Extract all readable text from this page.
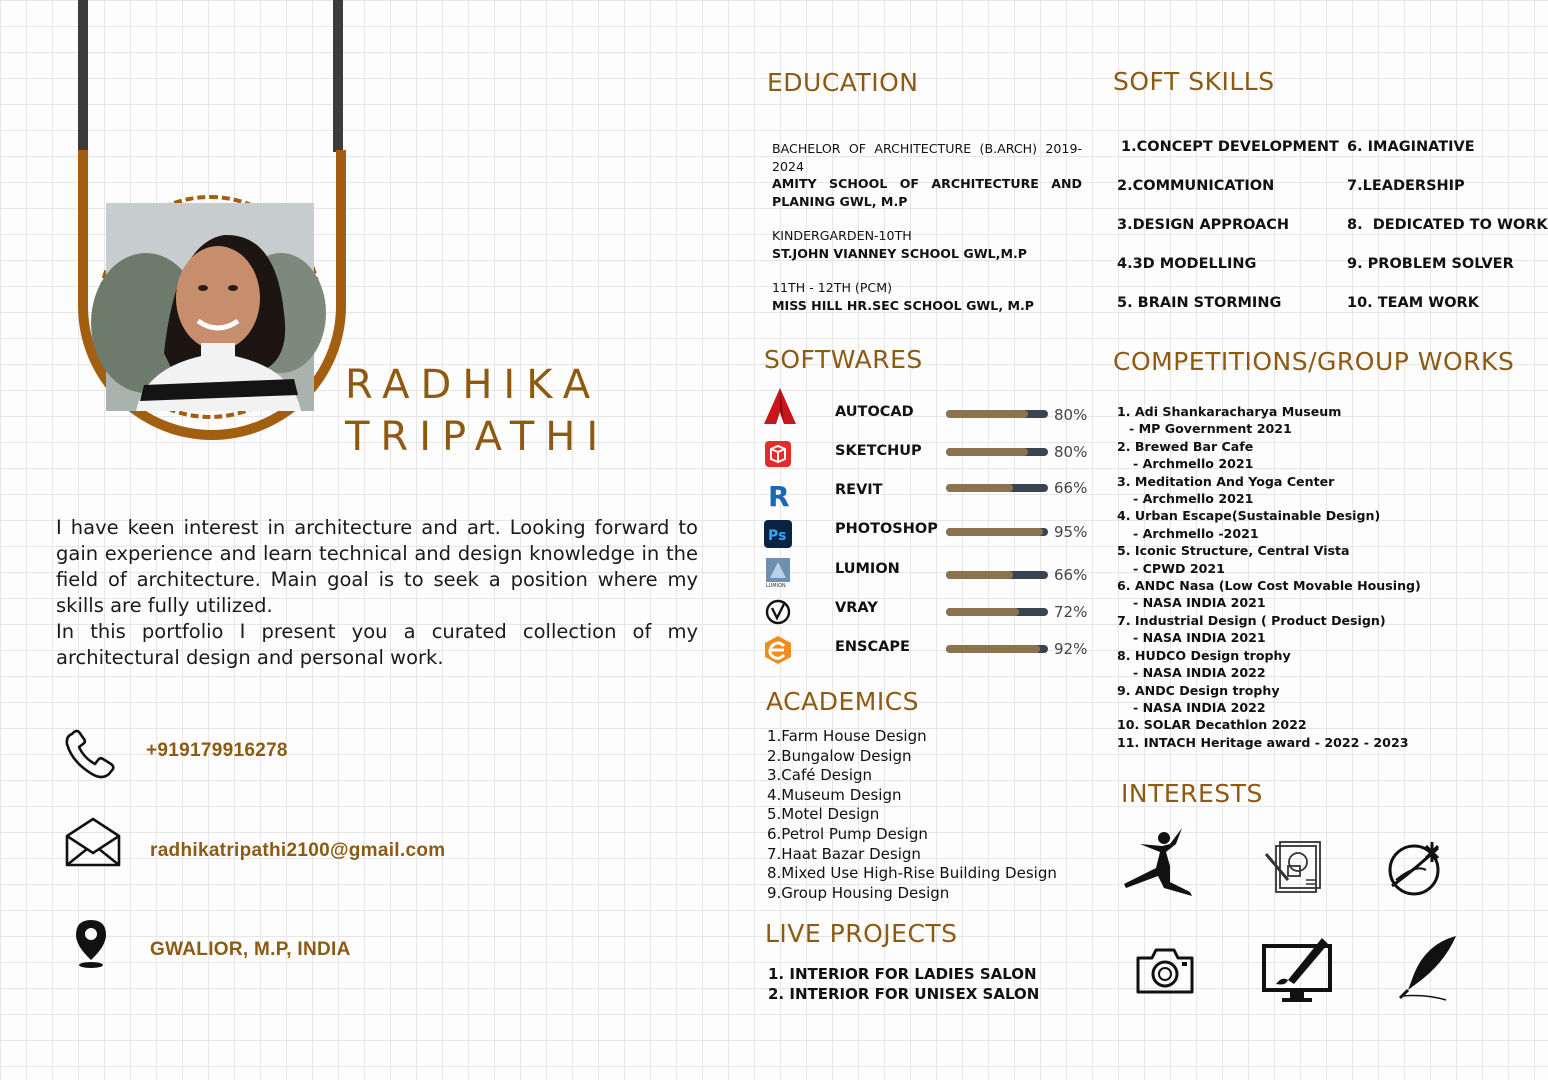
RADHIKA
TRIPATHI

I have keen interest in architecture and art. Looking forward to gain experience and learn technical and design knowledge in the field of architecture. Main goal is to seek a position where my skills are fully utilized.

In this portfolio I present you a curated collection of my architectural design and personal work.

+919179916278
radhikatripathi2100@gmail.com
GWALIOR, M.P, INDIA
EDUCATION
BACHELOR OF ARCHITECTURE (B.ARCH) 2019-2024
AMITY SCHOOL OF ARCHITECTURE AND PLANING GWL, M.P
KINDERGARDEN-10TH
ST.JOHN VIANNEY SCHOOL GWL,M.P
11TH - 12TH (PCM)
MISS HILL HR.SEC SCHOOL GWL, M.P
SOFT SKILLS
1.CONCEPT DEVELOPMENT
2.COMMUNICATION
3.DESIGN APPROACH
4.3D MODELLING
5. BRAIN STORMING
6. IMAGINATIVE
7.LEADERSHIP
8.  DEDICATED TO WORK
9. PROBLEM SOLVER
10. TEAM WORK
SOFTWARES
R
Ps
LUMION
AUTOCAD
SKETCHUP
REVIT
PHOTOSHOP
LUMION
VRAY
ENSCAPE
80%
80%
66%
95%
66%
72%
92%
COMPETITIONS/GROUP WORKS
1. Adi Shankaracharya Museum
- MP Government 2021
2. Brewed Bar Cafe
- Archmello 2021
3. Meditation And Yoga Center
- Archmello 2021
4. Urban Escape(Sustainable Design)
- Archmello -2021
5. Iconic Structure, Central Vista
- CPWD 2021
6. ANDC Nasa (Low Cost Movable Housing)
- NASA INDIA 2021
7. Industrial Design ( Product Design)
- NASA INDIA 2021
8. HUDCO Design trophy
- NASA INDIA 2022
9. ANDC Design trophy
- NASA INDIA 2022
10. SOLAR Decathlon 2022
11. INTACH Heritage award - 2022 - 2023
ACADEMICS
1.Farm House Design
2.Bungalow Design
3.Café Design
4.Museum Design
5.Motel Design
6.Petrol Pump Design
7.Haat Bazar Design
8.Mixed Use High-Rise Building Design
9.Group Housing Design
LIVE PROJECTS
1. INTERIOR FOR LADIES SALON
2. INTERIOR FOR UNISEX SALON
INTERESTS
